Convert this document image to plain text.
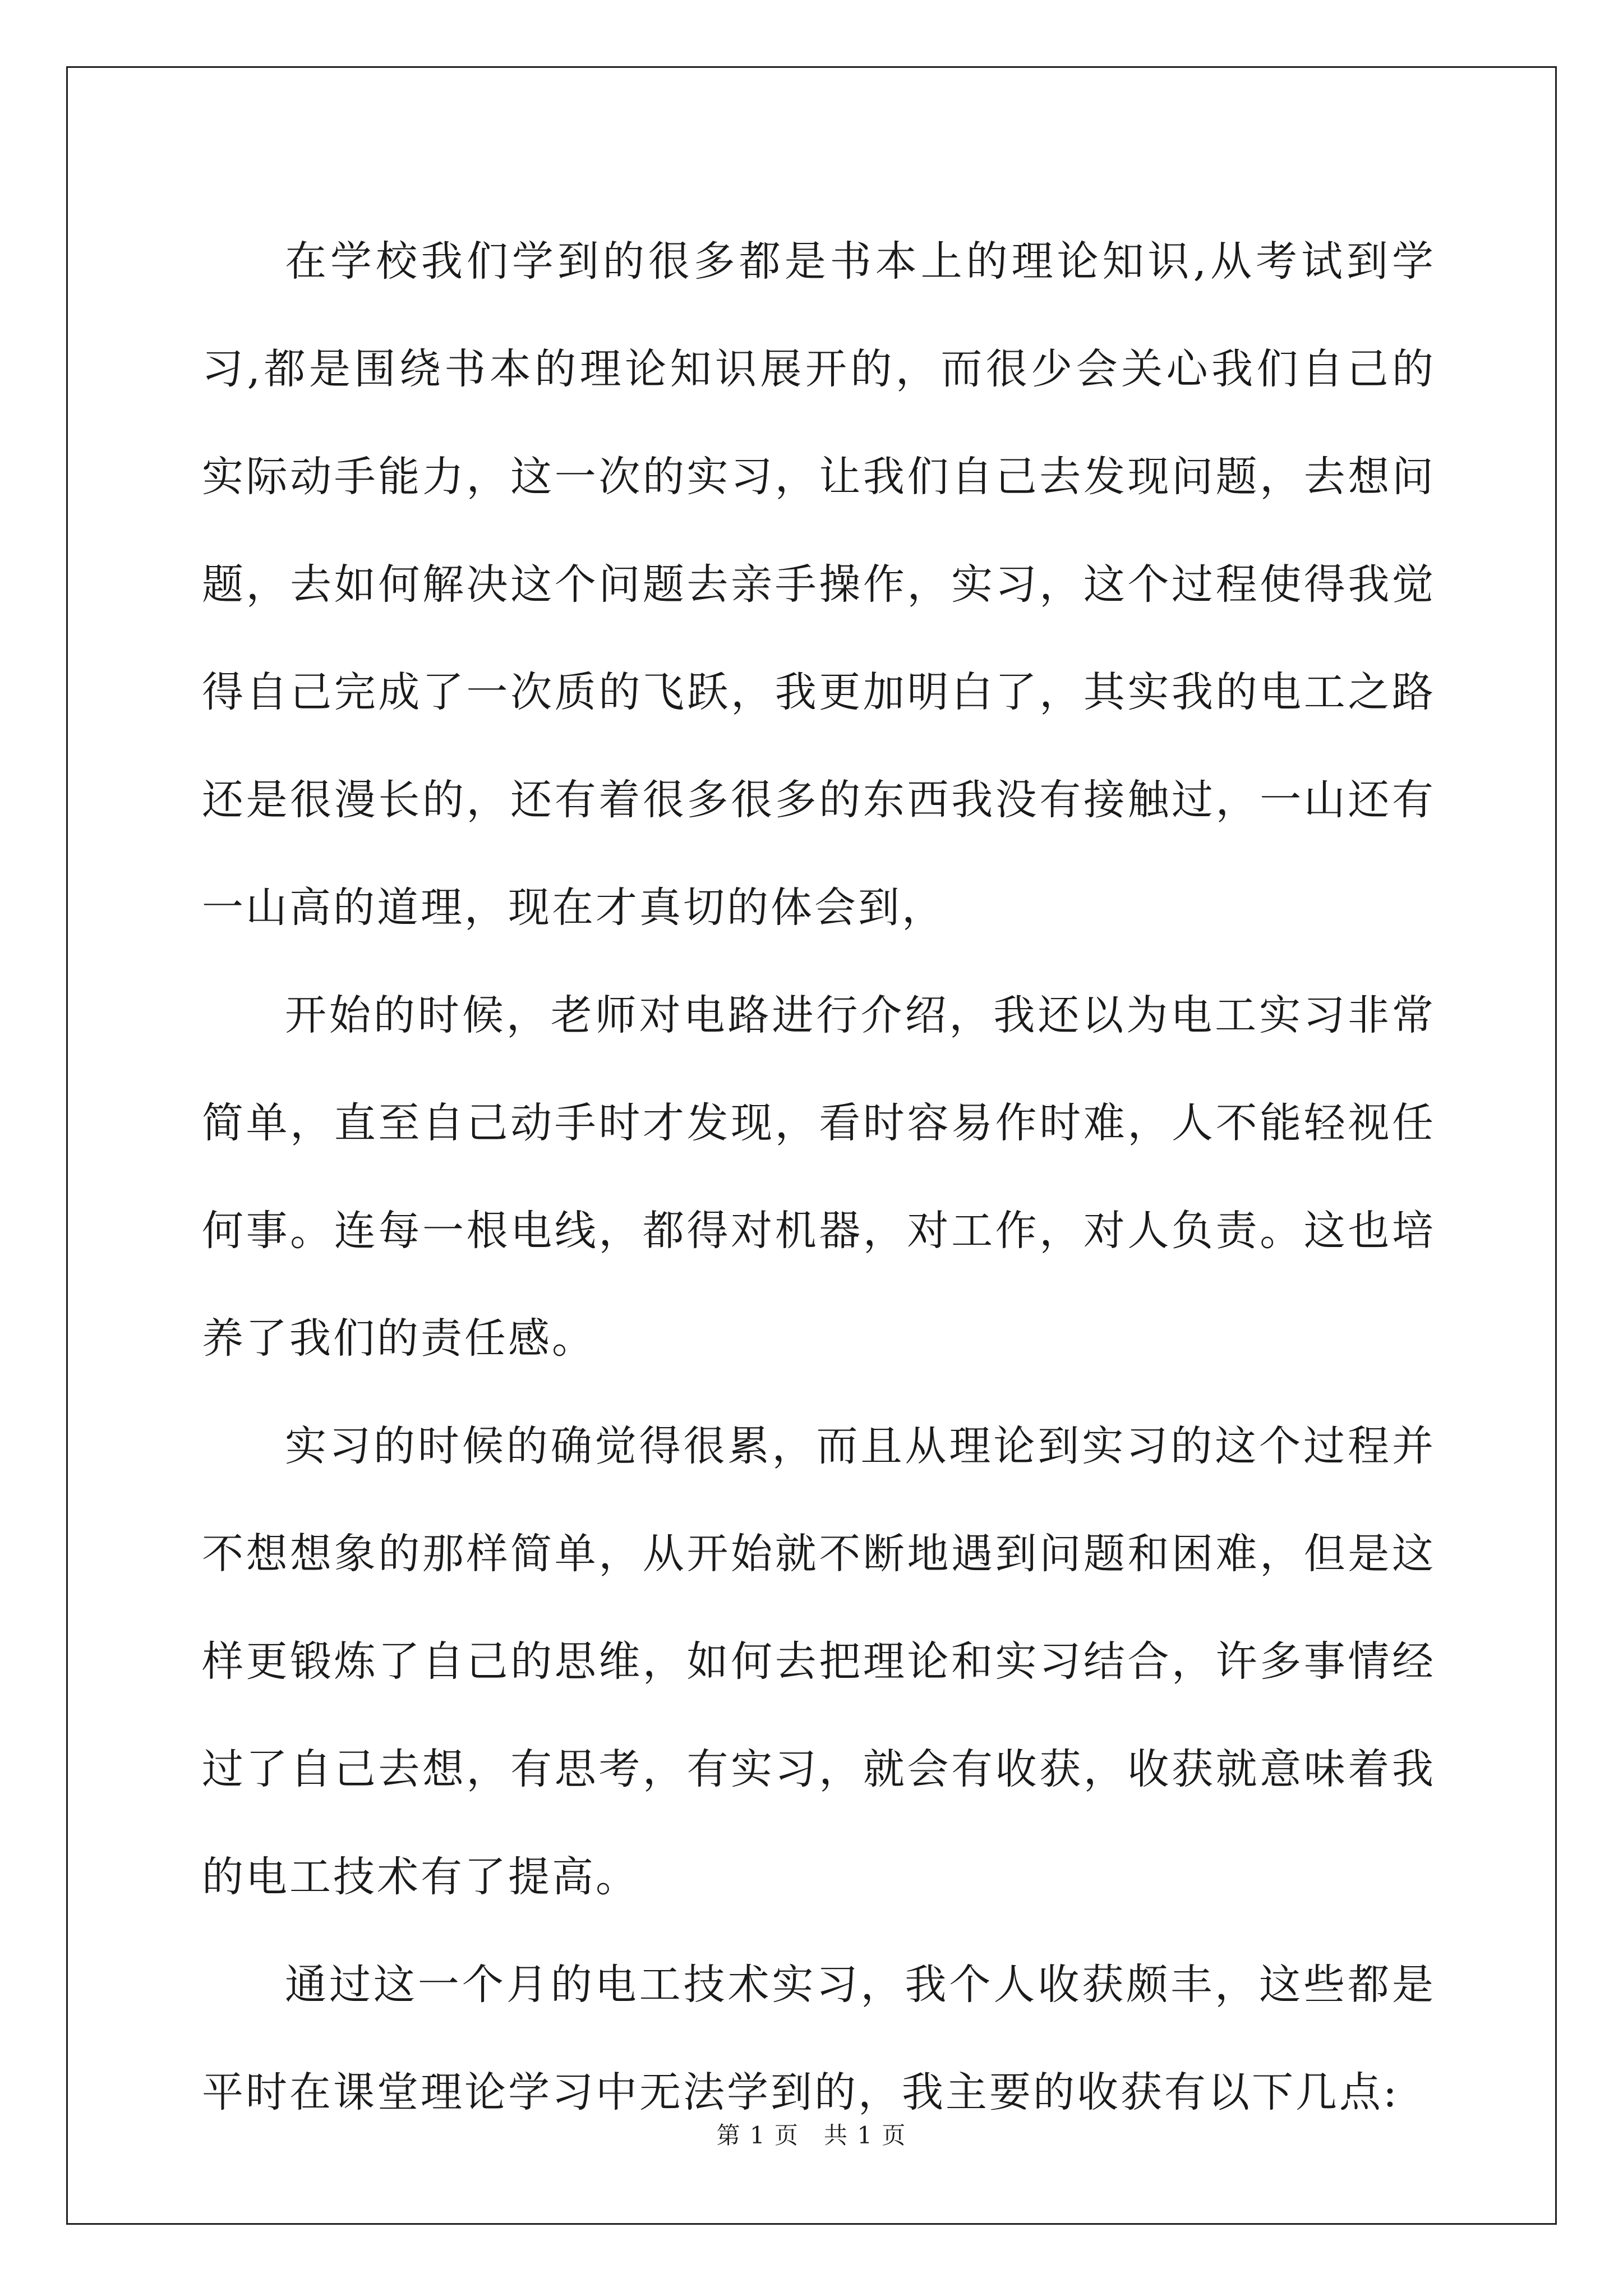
在学校我们学到的很多都是书本上的理论知识,从考试到学习,都是围绕书本的理论知识展开的，而很少会关心我们自己的实际动手能力，这一次的实习，让我们自己去发现问题，去想问题，去如何解决这个问题去亲手操作，实习，这个过程使得我觉得自己完成了一次质的飞跃，我更加明白了，其实我的电工之路还是很漫长的，还有着很多很多的东西我没有接触过，一山还有一山高的道理，现在才真切的体会到，

开始的时候，老师对电路进行介绍，我还以为电工实习非常简单，直至自己动手时才发现，看时容易作时难，人不能轻视任何事。连每一根电线，都得对机器，对工作，对人负责。这也培养了我们的责任感。

实习的时候的确觉得很累，而且从理论到实习的这个过程并不想想象的那样简单，从开始就不断地遇到问题和困难，但是这样更锻炼了自己的思维，如何去把理论和实习结合，许多事情经过了自己去想，有思考，有实习，就会有收获，收获就意味着我的电工技术有了提高。

通过这一个月的电工技术实习，我个人收获颇丰，这些都是平时在课堂理论学习中无法学到的，我主要的收获有以下几点:

第 1 页　共 1 页
